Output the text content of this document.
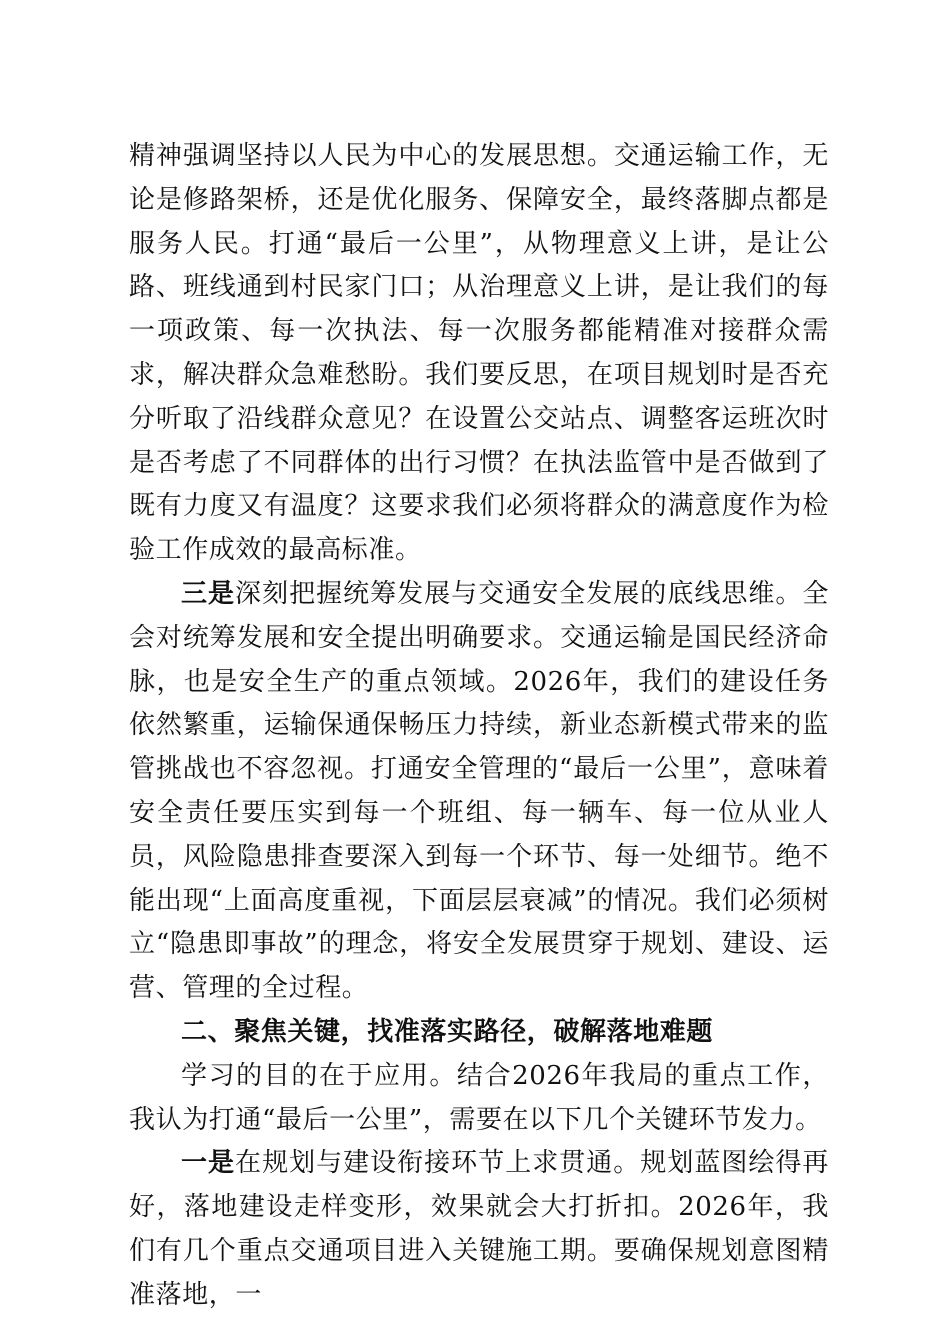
精神强调坚持以人民为中心的发展思想。交通运输工作，无论是修路架桥，还是优化服务、保障安全，最终落脚点都是服务人民。打通“最后一公里”，从物理意义上讲，是让公路、班线通到村民家门口；从治理意义上讲，是让我们的每一项政策、每一次执法、每一次服务都能精准对接群众需求，解决群众急难愁盼。我们要反思，在项目规划时是否充分听取了沿线群众意见？在设置公交站点、调整客运班次时是否考虑了不同群体的出行习惯？在执法监管中是否做到了既有力度又有温度？这要求我们必须将群众的满意度作为检验工作成效的最高标准。

三是深刻把握统筹发展与交通安全发展的底线思维。全会对统筹发展和安全提出明确要求。交通运输是国民经济命脉，也是安全生产的重点领域。2026年，我们的建设任务依然繁重，运输保通保畅压力持续，新业态新模式带来的监管挑战也不容忽视。打通安全管理的“最后一公里”，意味着安全责任要压实到每一个班组、每一辆车、每一位从业人员，风险隐患排查要深入到每一个环节、每一处细节。绝不能出现“上面高度重视，下面层层衰减”的情况。我们必须树立“隐患即事故”的理念，将安全发展贯穿于规划、建设、运营、管理的全过程。

二、聚焦关键，找准落实路径，破解落地难题

学习的目的在于应用。结合2026年我局的重点工作，我认为打通“最后一公里”，需要在以下几个关键环节发力。

一是在规划与建设衔接环节上求贯通。规划蓝图绘得再好，落地建设走样变形，效果就会大打折扣。2026年，我们有几个重点交通项目进入关键施工期。要确保规划意图精准落地，一
